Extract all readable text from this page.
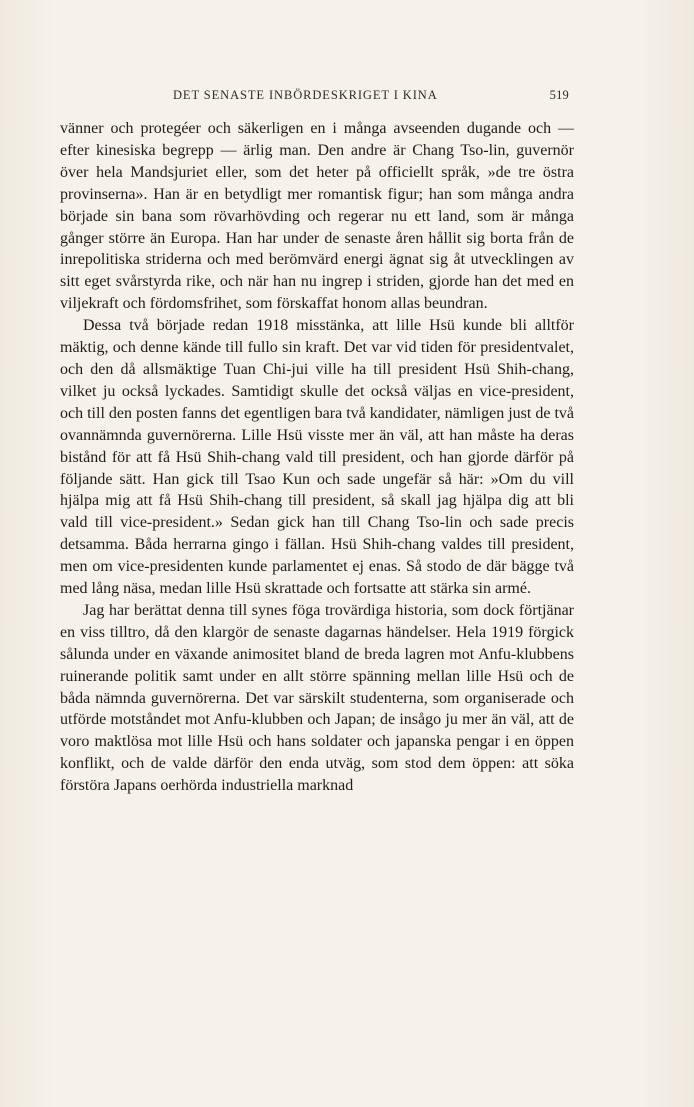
DET SENASTE INBÖRDESKRIGET I KINA	519

vänner och protegéer och säkerligen en i många avseenden dugande och — efter kinesiska begrepp — ärlig man. Den andre är Chang Tso-lin, guvernör över hela Mandsjuriet eller, som det heter på officiellt språk, »de tre östra provinserna». Han är en betydligt mer romantisk figur; han som många andra började sin bana som rövarhövding och regerar nu ett land, som är många gånger större än Europa. Han har under de senaste åren hållit sig borta från de inrepolitiska striderna och med berömvärd energi ägnat sig åt utvecklingen av sitt eget svårstyrda rike, och när han nu ingrep i striden, gjorde han det med en viljekraft och fördomsfrihet, som förskaffat honom allas beundran.

Dessa två började redan 1918 misstänka, att lille Hsü kunde bli alltför mäktig, och denne kände till fullo sin kraft. Det var vid tiden för presidentvalet, och den då allsmäktige Tuan Chi-jui ville ha till president Hsü Shih-chang, vilket ju också lyckades. Samtidigt skulle det också väljas en vice-president, och till den posten fanns det egentligen bara två kandidater, nämligen just de två ovannämnda guvernörerna. Lille Hsü visste mer än väl, att han måste ha deras bistånd för att få Hsü Shih-chang vald till president, och han gjorde därför på följande sätt. Han gick till Tsao Kun och sade ungefär så här: »Om du vill hjälpa mig att få Hsü Shih-chang till president, så skall jag hjälpa dig att bli vald till vice-president.» Sedan gick han till Chang Tso-lin och sade precis detsamma. Båda herrarna gingo i fällan. Hsü Shih-chang valdes till president, men om vice-presidenten kunde parlamentet ej enas. Så stodo de där bägge två med lång näsa, medan lille Hsü skrattade och fortsatte att stärka sin armé.

Jag har berättat denna till synes föga trovärdiga historia, som dock förtjänar en viss tilltro, då den klargör de senaste dagarnas händelser. Hela 1919 förgick sålunda under en växande animositet bland de breda lagren mot Anfu-klubbens ruinerande politik samt under en allt större spänning mellan lille Hsü och de båda nämnda guvernörerna. Det var särskilt studenterna, som organiserade och utförde motståndet mot Anfu-klubben och Japan; de insågo ju mer än väl, att de voro maktlösa mot lille Hsü och hans soldater och japanska pengar i en öppen konflikt, och de valde därför den enda utväg, som stod dem öppen: att söka förstöra Japans oerhörda industriella marknad
